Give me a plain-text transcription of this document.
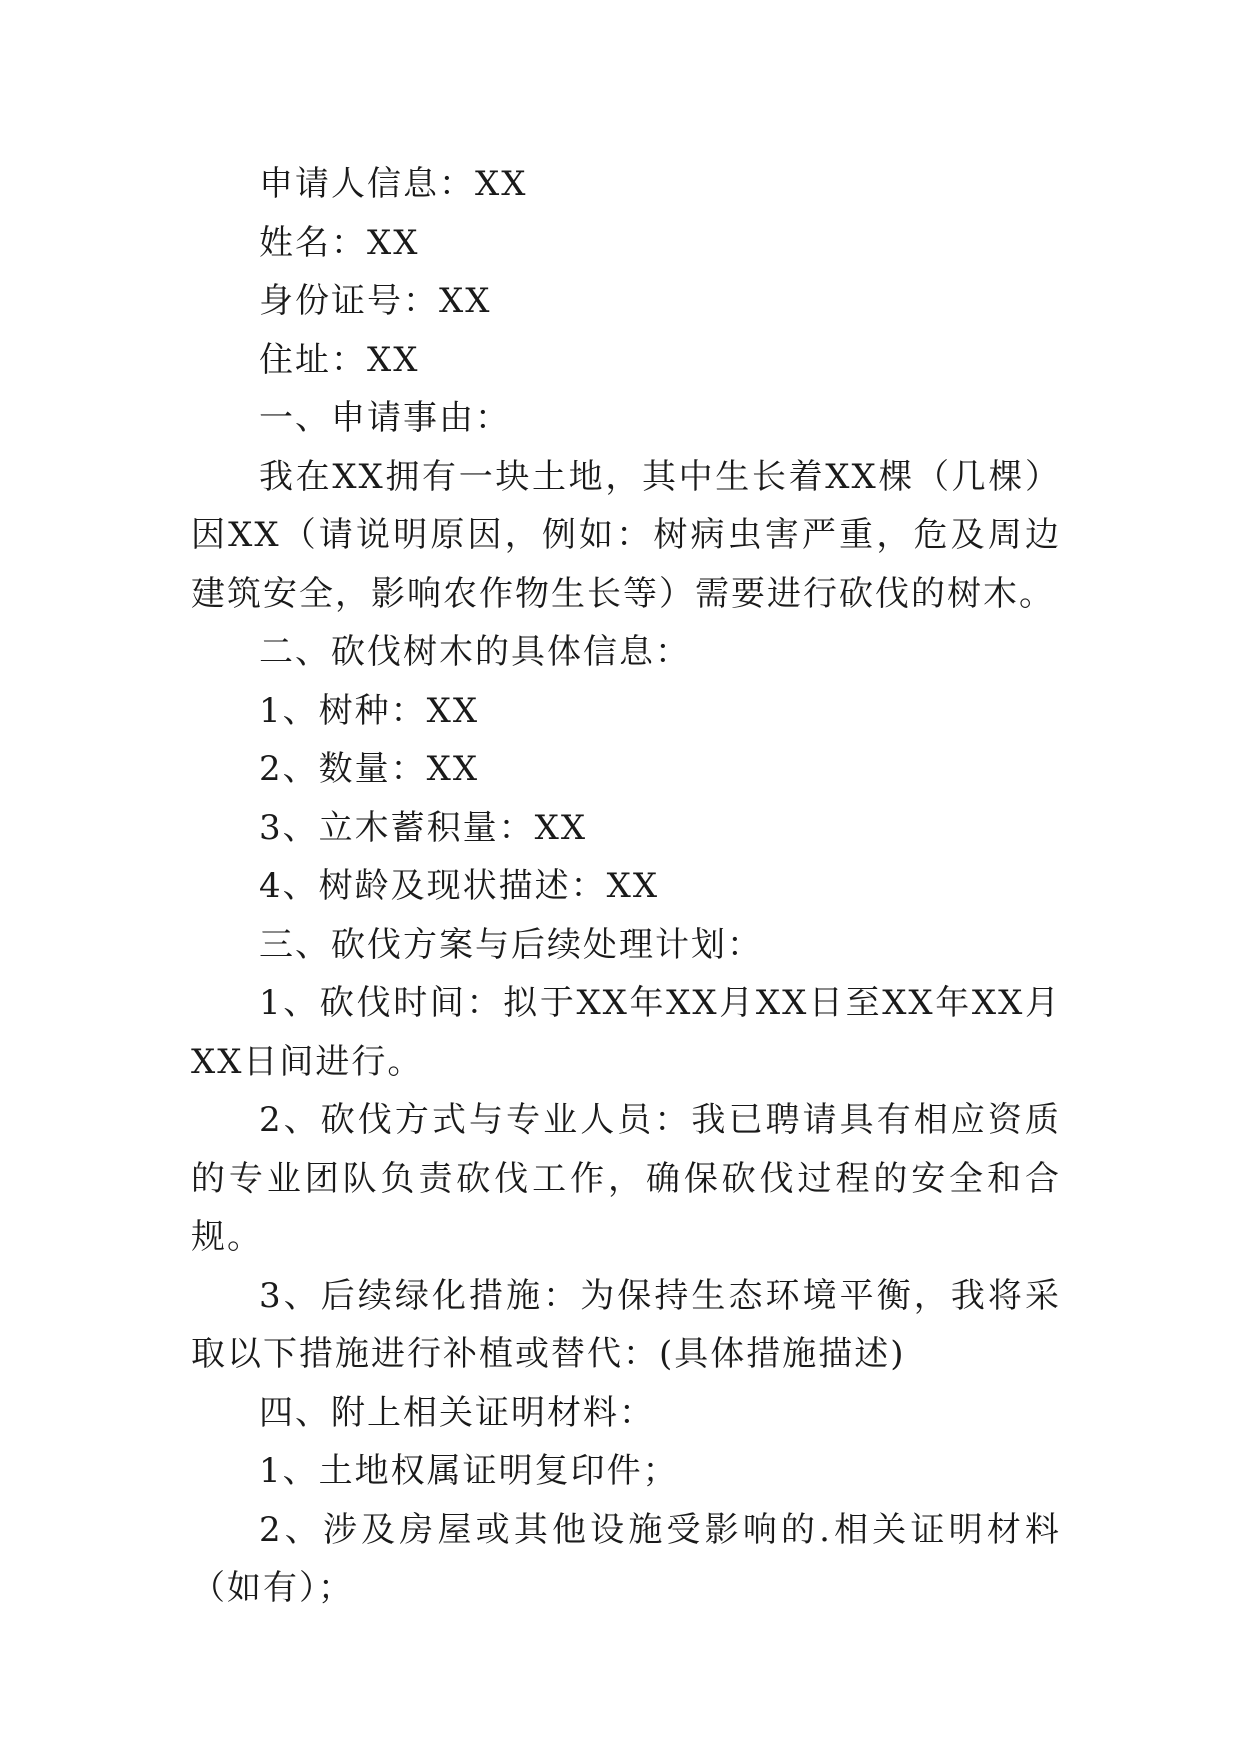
申请人信息：XX

姓名：XX

身份证号：XX

住址：XX

一、申请事由：

我在XX拥有一块土地，其中生长着XX棵（几棵）因XX（请说明原因，例如：树病虫害严重，危及周边建筑安全，影响农作物生长等）需要进行砍伐的树木。

二、砍伐树木的具体信息：

1、树种：XX

2、数量：XX

3、立木蓄积量：XX

4、树龄及现状描述：XX

三、砍伐方案与后续处理计划：

1、砍伐时间：拟于XX年XX月XX日至XX年XX月XX日间进行。

2、砍伐方式与专业人员：我已聘请具有相应资质的专业团队负责砍伐工作，确保砍伐过程的安全和合规。

3、后续绿化措施：为保持生态环境平衡，我将采取以下措施进行补植或替代：(具体措施描述)

四、附上相关证明材料：

1、土地权属证明复印件；

2、涉及房屋或其他设施受影响的.相关证明材料（如有）；
